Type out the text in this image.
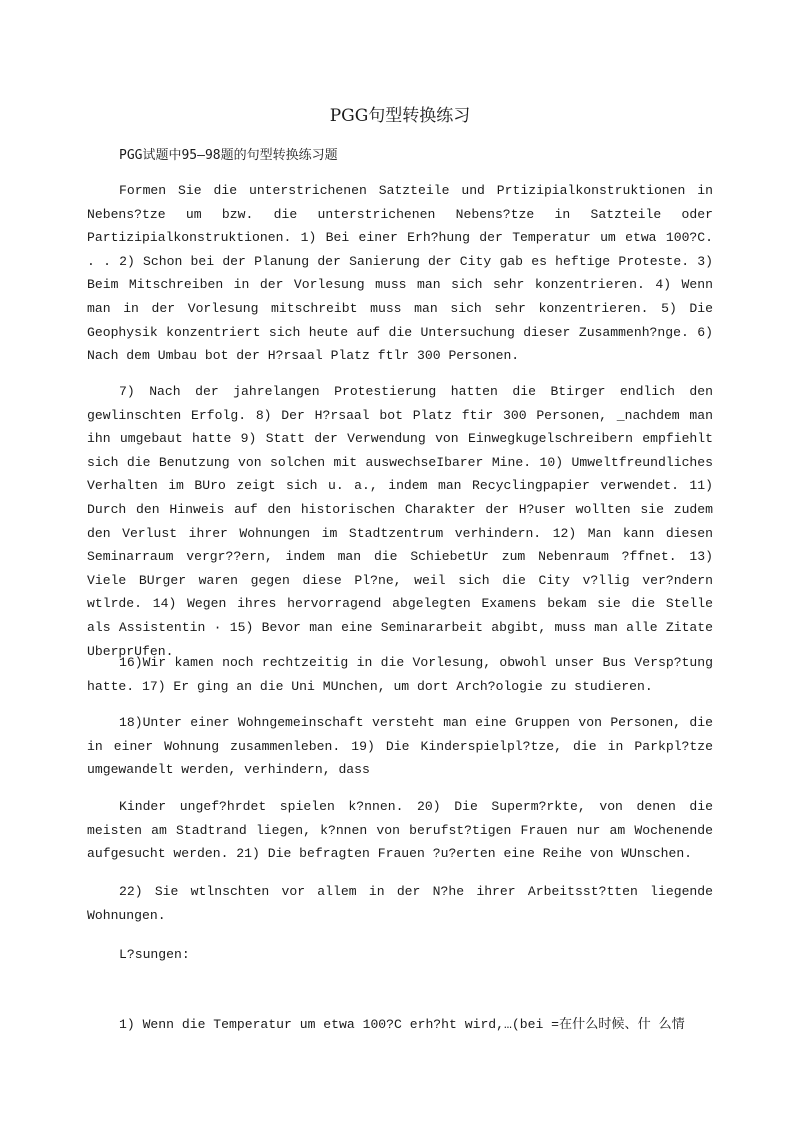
PGG句型转换练习

PGG试题中95—98题的句型转换练习题

Formen Sie die unterstrichenen Satzteile und Prtizipialkonstruktionen in Nebens?tze um bzw. die unterstrichenen Nebens?tze in Satzteile oder Partizipialkonstruktionen. 1) Bei einer Erh?hung der Temperatur um etwa 100?C. . . 2) Schon bei der Planung der Sanierung der City gab es heftige Proteste. 3) Beim Mitschreiben in der Vorlesung muss man sich sehr konzentrieren. 4) Wenn man in der Vorlesung mitschreibt muss man sich sehr konzentrieren. 5) Die Geophysik konzentriert sich heute auf die Untersuchung dieser Zusammenh?nge. 6) Nach dem Umbau bot der H?rsaal Platz ftlr 300 Personen.

7) Nach der jahrelangen Protestierung hatten die Btirger endlich den gewlinschten Erfolg. 8) Der H?rsaal bot Platz ftir 300 Personen, _nachdem man ihn umgebaut hatte 9) Statt der Verwendung von Einwegkugelschreibern empfiehlt sich die Benutzung von solchen mit auswechseIbarer Mine. 10) Umweltfreundliches Verhalten im BUro zeigt sich u. a., indem man Recyclingpapier verwendet. 11) Durch den Hinweis auf den historischen Charakter der H?user wollten sie zudem den Verlust ihrer Wohnungen im Stadtzentrum verhindern. 12) Man kann diesen Seminarraum vergr??ern, indem man die SchiebetUr zum Nebenraum ?ffnet. 13) Viele BUrger waren gegen diese Pl?ne, weil sich die City v?llig ver?ndern wtlrde. 14) Wegen ihres hervorragend abgelegten Examens bekam sie die Stelle als Assistentin · 15) Bevor man eine Seminararbeit abgibt, muss man alle Zitate UberprUfen.

16)Wir kamen noch rechtzeitig in die Vorlesung, obwohl unser Bus Versp?tung hatte. 17) Er ging an die Uni MUnchen, um dort Arch?ologie zu studieren.

18)Unter einer Wohngemeinschaft versteht man eine Gruppen von Personen, die in einer Wohnung zusammenleben. 19) Die Kinderspielpl?tze, die in Parkpl?tze umgewandelt werden, verhindern, dass

Kinder ungef?hrdet spielen k?nnen. 20) Die Superm?rkte, von denen die meisten am Stadtrand liegen, k?nnen von berufst?tigen Frauen nur am Wochenende aufgesucht werden. 21) Die befragten Frauen ?u?erten eine Reihe von WUnschen.

22) Sie wtlnschten vor allem in der N?he ihrer Arbeitsst?tten liegende Wohnungen.

L?sungen:

1) Wenn die Temperatur um etwa 100?C erh?ht wird,…(bei =在什么时候、什 么情
